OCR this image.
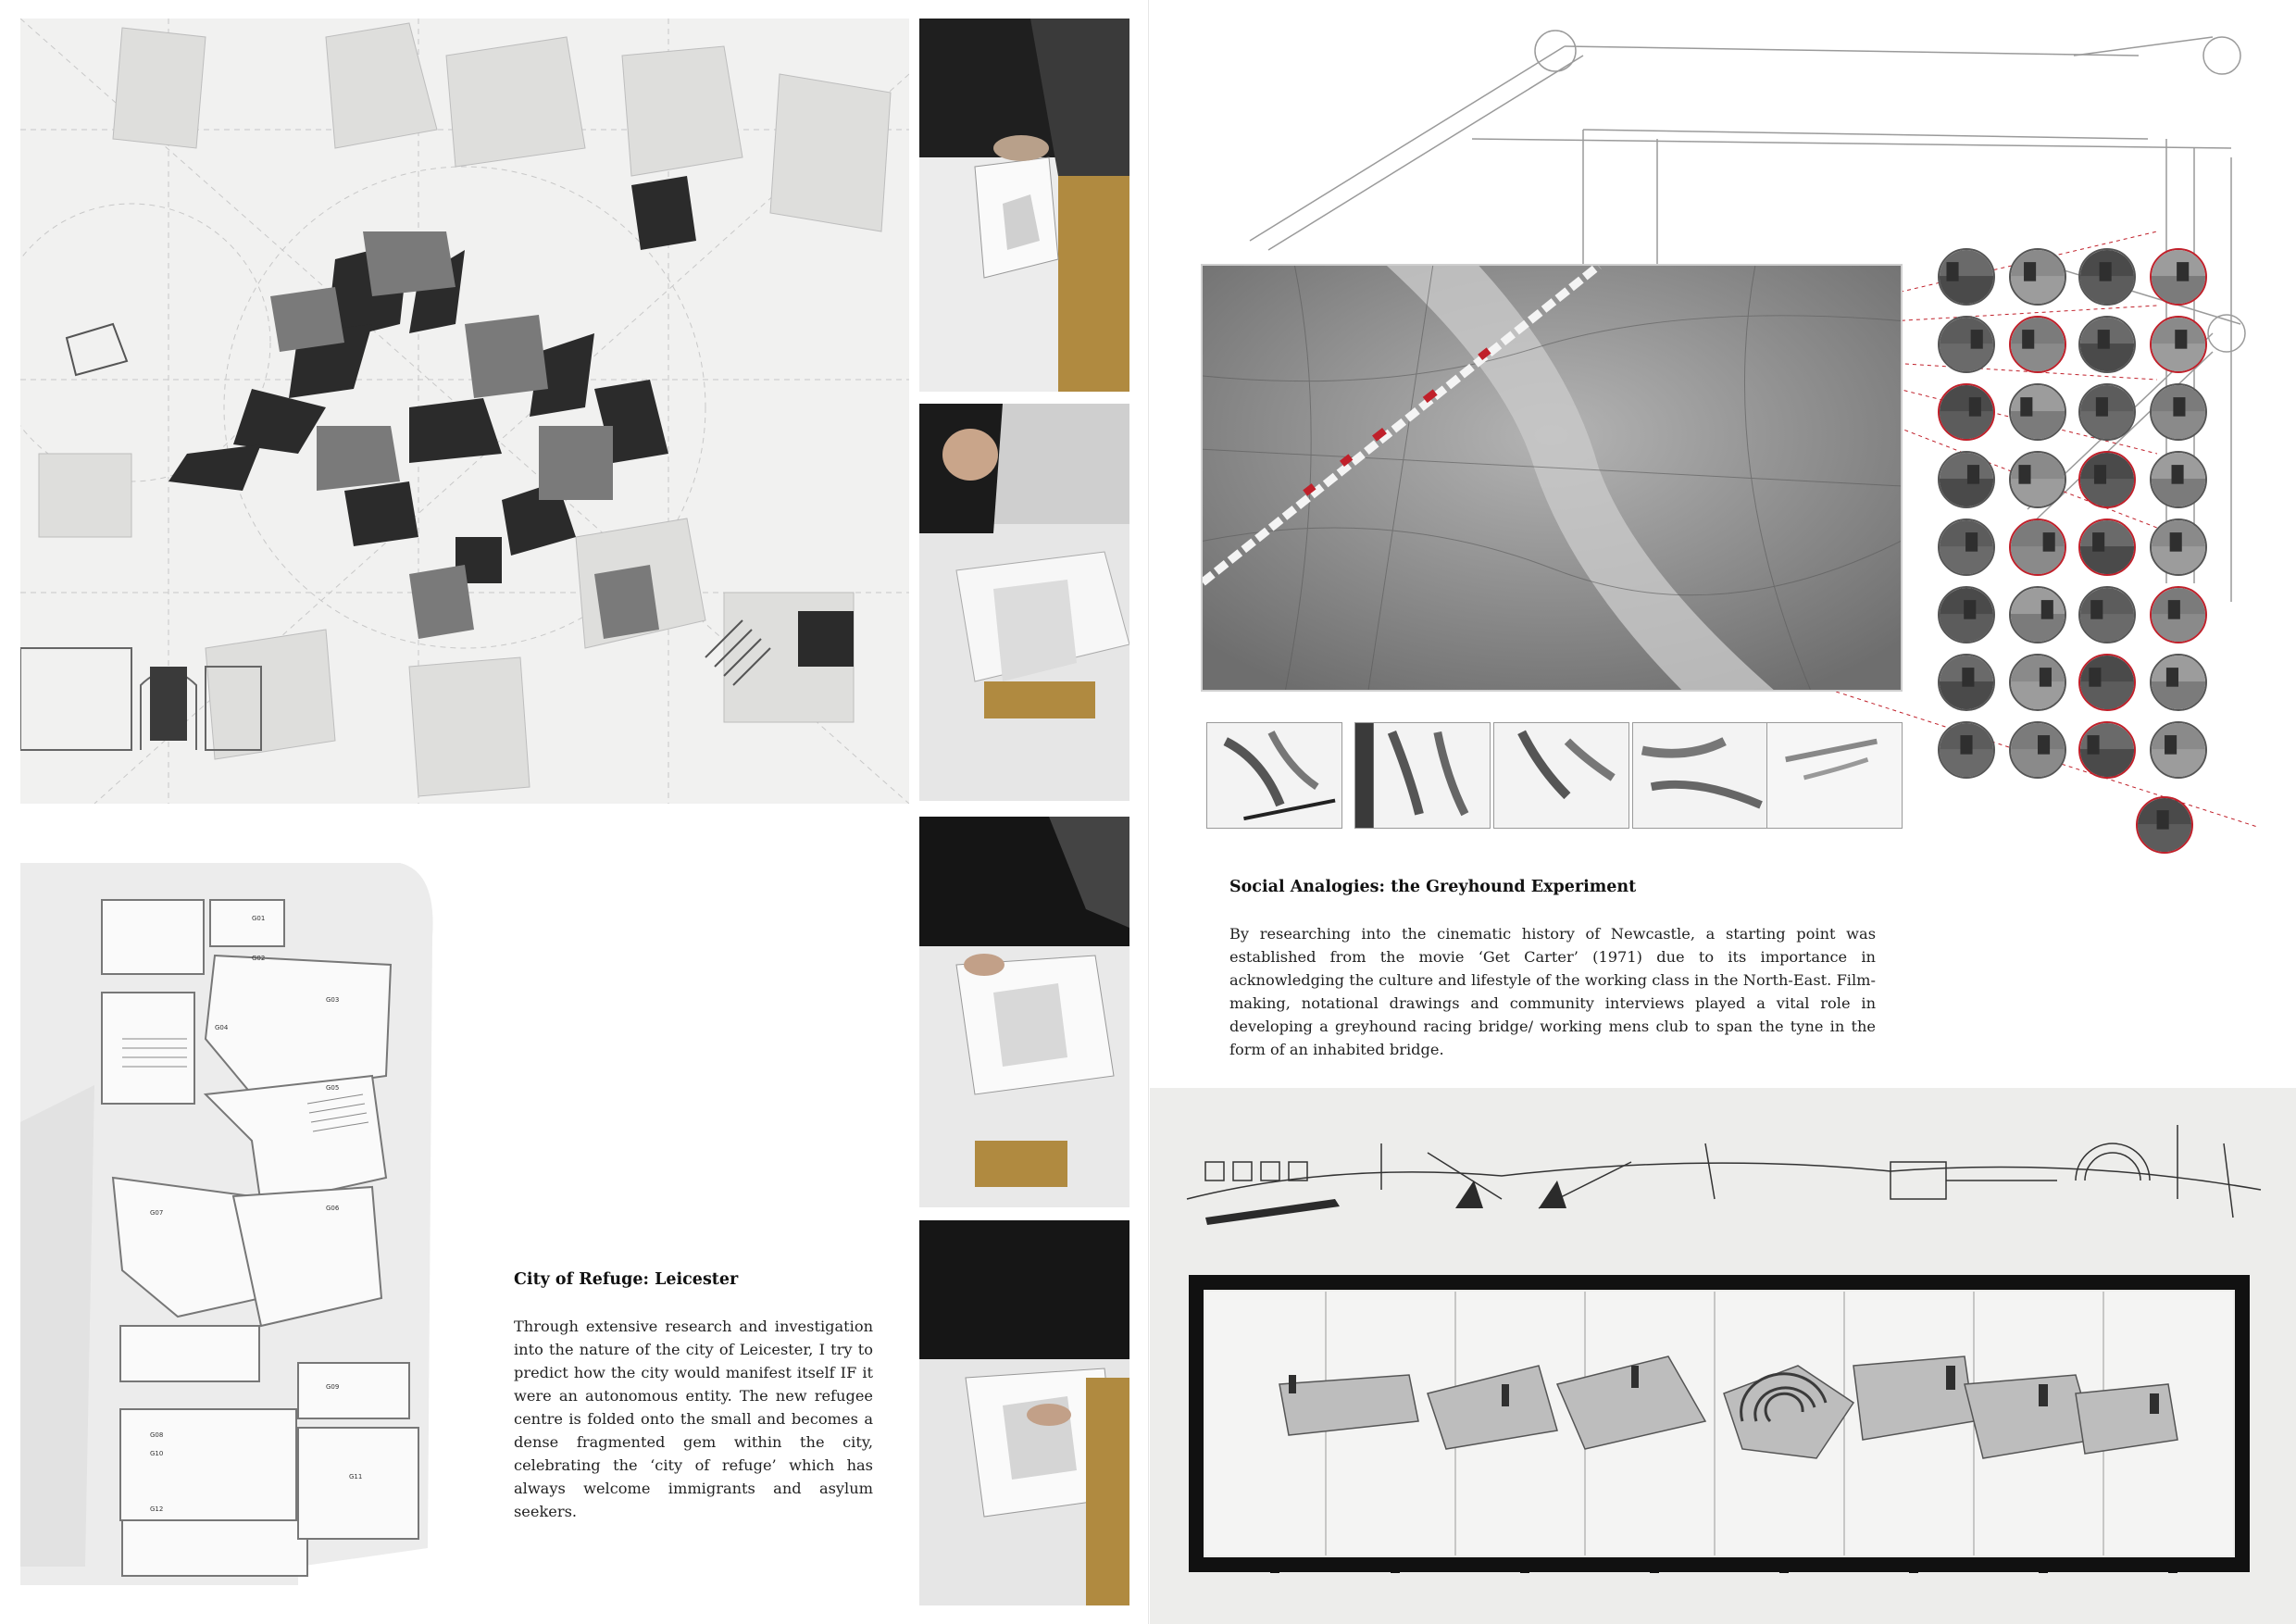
G01
G02
G03
G04
G05
G06
G07
G08
G09
G10
G11
G12
City of Refuge: Leicester
Through extensive research and investigation into the nature of the city of Leicester, I try to predict how the city would manifest itself IF it were an autonomous entity. The new refugee centre is folded onto the small and becomes a dense fragmented gem within the city, celebrating the ‘city of refuge’ which has always welcome immigrants and asylum seekers.
Social Analogies: the Greyhound Experiment
By researching into the cinematic history of Newcastle, a starting point was established from the movie ‘Get Carter’ (1971) due to its importance in acknowledging the culture and lifestyle of the working class in the North-East. Film-making, notational drawings and community interviews played a vital role in developing a greyhound racing bridge/ working mens club to span the tyne in the form of an inhabited bridge.
